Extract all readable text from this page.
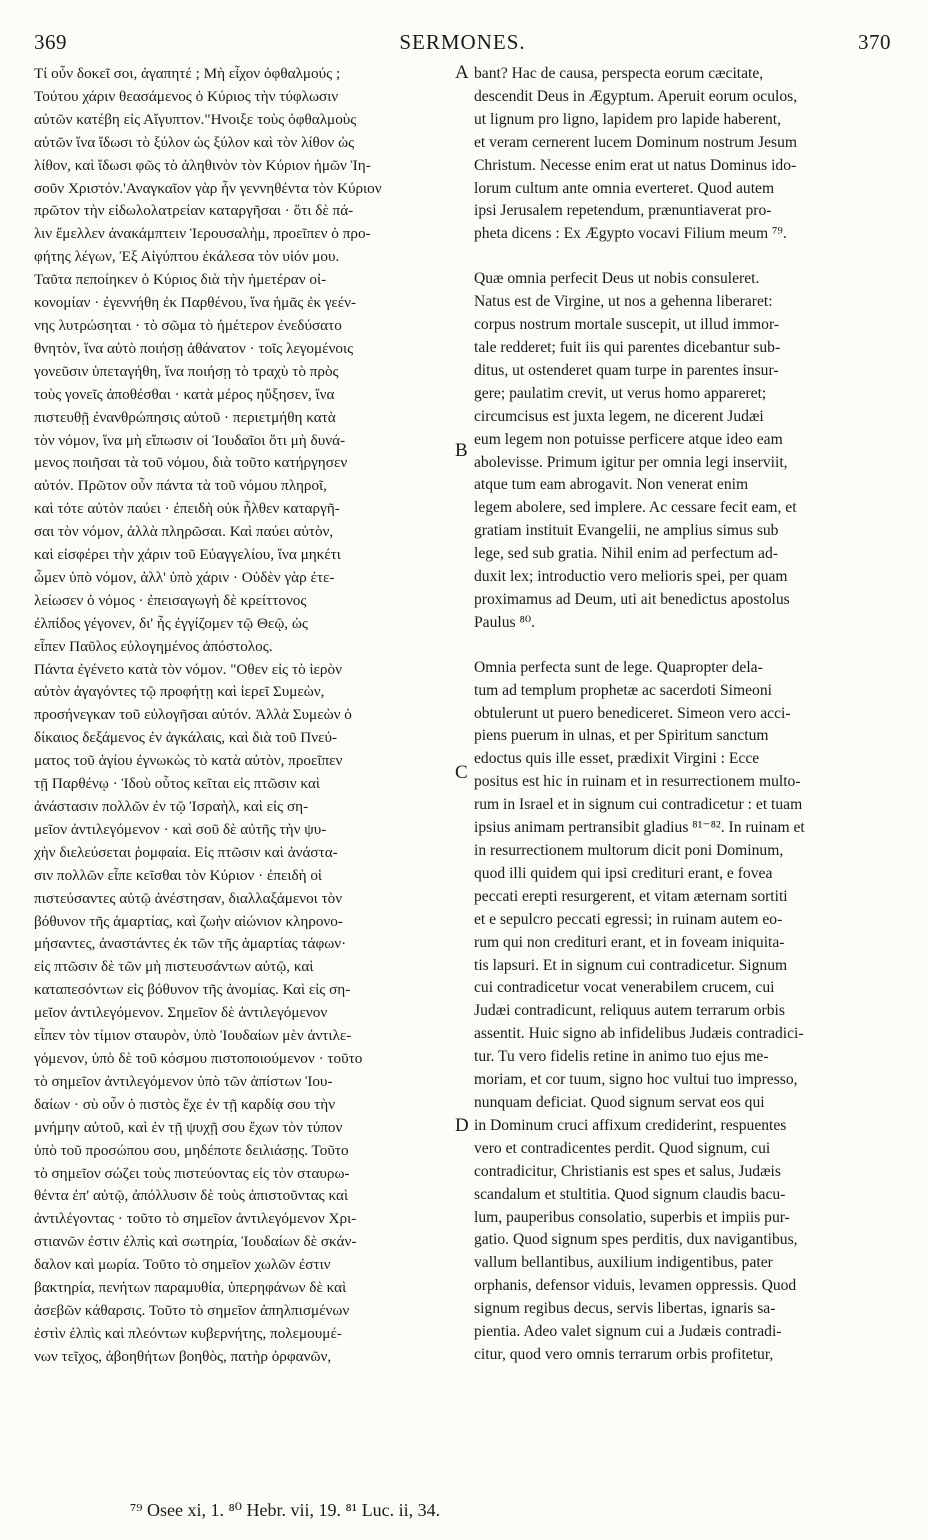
369	SERMONES.	370

Τί οὖν δοκεῖ σοι, ἀγαπητέ ; Μὴ εἶχον ὀφθαλμούς ;

Τούτου χάριν θεασάμενος ὁ Κύριος τὴν τύφλωσιν

αὐτῶν κατέβη εἰς Αἴγυπτον."Ηνοιξε τοὺς ὀφθαλμοὺς

αὐτῶν ἵνα ἴδωσι τὸ ξύλον ὡς ξύλον καὶ τὸν λίθον ὡς

λίθον, καὶ ἴδωσι φῶς τὸ ἀληθινὸν τὸν Κύριον ἡμῶν Ἰη-

σοῦν Χριστόν.'Αναγκαῖον γὰρ ἦν γεννηθέντα τὸν Κύριον

πρῶτον τὴν εἰδωλολατρείαν καταργῆσαι · ὅτι δὲ πά-

λιν ἔμελλεν ἀνακάμπτειν Ἱερουσαλὴμ, προεῖπεν ὁ προ-

φήτης λέγων, Ἐξ Αἰγύπτου ἐκάλεσα τὸν υἱόν μου.

Ταῦτα πεποίηκεν ὁ Κύριος διὰ τὴν ἡμετέραν οἰ-

κονομίαν · ἐγεννήθη ἐκ Παρθένου, ἵνα ἡμᾶς ἐκ γεέν-

νης λυτρώσηται · τὸ σῶμα τὸ ἡμέτερον ἐνεδύσατο

θνητὸν, ἵνα αὐτὸ ποιήσῃ ἀθάνατον · τοῖς λεγομένοις

γονεῦσιν ὑπεταγήθη, ἵνα ποιήσῃ τὸ τραχὺ τὸ πρὸς

τοὺς γονεῖς ἀποθέσθαι · κατὰ μέρος ηὔξησεν, ἵνα

πιστευθῇ ἐνανθρώπησις αὐτοῦ · περιετμήθη κατὰ

τὸν νόμον, ἵνα μὴ εἴπωσιν οἱ Ἰουδαῖοι ὅτι μὴ δυνά-

μενος ποιῆσαι τὰ τοῦ νόμου, διὰ τοῦτο κατήργησεν

αὐτόν. Πρῶτον οὖν πάντα τὰ τοῦ νόμου πληροῖ,

καὶ τότε αὐτὸν παύει · ἐπειδὴ οὐκ ἦλθεν καταργῆ-

σαι τὸν νόμον, ἀλλὰ πληρῶσαι. Καὶ παύει αὐτὸν,

καὶ εἰσφέρει τὴν χάριν τοῦ Εὐαγγελίου, ἵνα μηκέτι

ὦμεν ὑπὸ νόμον, ἀλλ' ὑπὸ χάριν · Οὐδὲν γὰρ ἐτε-

λείωσεν ὁ νόμος · ἐπεισαγωγὴ δὲ κρείττονος

ἐλπίδος γέγονεν, δι' ἧς ἐγγίζομεν τῷ Θεῷ, ὡς

εἶπεν Παῦλος εὐλογημένος ἀπόστολος.

Πάντα ἐγένετο κατὰ τὸν νόμον. "Οθεν εἰς τὸ ἱερὸν

αὐτὸν ἀγαγόντες τῷ προφήτῃ καὶ ἱερεῖ Συμεὼν,

προσήνεγκαν τοῦ εὐλογῆσαι αὐτόν. Ἀλλὰ Συμεὼν ὁ

δίκαιος δεξάμενος ἐν ἀγκάλαις, καὶ διὰ τοῦ Πνεύ-

ματος τοῦ ἁγίου ἐγνωκὼς τὸ κατὰ αὐτὸν, προεῖπεν

τῇ Παρθένῳ · Ἰδοὺ οὗτος κεῖται εἰς πτῶσιν καὶ

ἀνάστασιν πολλῶν ἐν τῷ Ἰσραὴλ, καὶ εἰς ση-

μεῖον ἀντιλεγόμενον · καὶ σοῦ δὲ αὐτῆς τὴν ψυ-

χὴν διελεύσεται ῥομφαία. Εἰς πτῶσιν καὶ ἀνάστα-

σιν πολλῶν εἶπε κεῖσθαι τὸν Κύριον · ἐπειδὴ οἱ

πιστεύσαντες αὐτῷ ἀνέστησαν, διαλλαξάμενοι τὸν

βόθυνον τῆς ἁμαρτίας, καὶ ζωὴν αἰώνιον κληρονο-

μήσαντες, ἀναστάντες ἐκ τῶν τῆς ἁμαρτίας τάφων·

εἰς πτῶσιν δὲ τῶν μὴ πιστευσάντων αὐτῷ, καὶ

καταπεσόντων εἰς βόθυνον τῆς ἀνομίας. Καὶ εἰς ση-

μεῖον ἀντιλεγόμενον. Σημεῖον δὲ ἀντιλεγόμενον

εἶπεν τὸν τίμιον σταυρὸν, ὑπὸ Ἰουδαίων μὲν ἀντιλε-

γόμενον, ὑπὸ δὲ τοῦ κόσμου πιστοποιούμενον · τοῦτο

τὸ σημεῖον ἀντιλεγόμενον ὑπὸ τῶν ἀπίστων Ἰου-

δαίων · σὺ οὖν ὁ πιστὸς ἔχε ἐν τῇ καρδίᾳ σου τὴν

μνήμην αὐτοῦ, καὶ ἐν τῇ ψυχῇ σου ἔχων τὸν τύπον

ὑπὸ τοῦ προσώπου σου, μηδέποτε δειλιάσῃς. Τοῦτο

τὸ σημεῖον σώζει τοὺς πιστεύοντας εἰς τὸν σταυρω-

θέντα ἐπ' αὐτῷ, ἀπόλλυσιν δὲ τοὺς ἀπιστοῦντας καὶ

ἀντιλέγοντας · τοῦτο τὸ σημεῖον ἀντιλεγόμενον Χρι-

στιανῶν ἐστιν ἐλπὶς καὶ σωτηρία, Ἰουδαίων δὲ σκάν-

δαλον καὶ μωρία. Τοῦτο τὸ σημεῖον χωλῶν ἐστιν

βακτηρία, πενήτων παραμυθία, ὑπερηφάνων δὲ καὶ

ἀσεβῶν κάθαρσις. Τοῦτο τὸ σημεῖον ἀπηλπισμένων

ἐστὶν ἐλπὶς καὶ πλεόντων κυβερνήτης, πολεμουμέ-

νων τεῖχος, ἀβοηθήτων βοηθὸς, πατὴρ ὀρφανῶν,

A
B
C
D

bant? Hac de causa, perspecta eorum cæcitate,

descendit Deus in Ægyptum. Aperuit eorum oculos,

ut lignum pro ligno, lapidem pro lapide haberent,

et veram cernerent lucem Dominum nostrum Jesum

Christum. Necesse enim erat ut natus Dominus ido-

lorum cultum ante omnia everteret. Quod autem

ipsi Jerusalem repetendum, prænuntiaverat pro-

pheta dicens : Ex Ægypto vocavi Filium meum ⁷⁹.

Quæ omnia perfecit Deus ut nobis consuleret.

Natus est de Virgine, ut nos a gehenna liberaret:

corpus nostrum mortale suscepit, ut illud immor-

tale redderet; fuit iis qui parentes dicebantur sub-

ditus, ut ostenderet quam turpe in parentes insur-

gere; paulatim crevit, ut verus homo appareret;

circumcisus est juxta legem, ne dicerent Judæi

eum legem non potuisse perficere atque ideo eam

abolevisse. Primum igitur per omnia legi inserviit,

atque tum eam abrogavit. Non venerat enim

legem abolere, sed implere. Ac cessare fecit eam, et

gratiam instituit Evangelii, ne amplius simus sub

lege, sed sub gratia. Nihil enim ad perfectum ad-

duxit lex; introductio vero melioris spei, per quam

proximamus ad Deum, uti ait benedictus apostolus

Paulus ⁸⁰.

Omnia perfecta sunt de lege. Quapropter dela-

tum ad templum prophetæ ac sacerdoti Simeoni

obtulerunt ut puero benediceret. Simeon vero acci-

piens puerum in ulnas, et per Spiritum sanctum

edoctus quis ille esset, prædixit Virgini : Ecce

positus est hic in ruinam et in resurrectionem multo-

rum in Israel et in signum cui contradicetur : et tuam

ipsius animam pertransibit gladius ⁸¹⁻⁸². In ruinam et

in resurrectionem multorum dicit poni Dominum,

quod illi quidem qui ipsi credituri erant, e fovea

peccati erepti resurgerent, et vitam æternam sortiti

et e sepulcro peccati egressi; in ruinam autem eo-

rum qui non credituri erant, et in foveam iniquita-

tis lapsuri. Et in signum cui contradicetur. Signum

cui contradicetur vocat venerabilem crucem, cui

Judæi contradicunt, reliquus autem terrarum orbis

assentit. Huic signo ab infidelibus Judæis contradici-

tur. Tu vero fidelis retine in animo tuo ejus me-

moriam, et cor tuum, signo hoc vultui tuo impresso,

nunquam deficiat. Quod signum servat eos qui

in Dominum cruci affixum crediderint, respuentes

vero et contradicentes perdit. Quod signum, cui

contradicitur, Christianis est spes et salus, Judæis

scandalum et stultitia. Quod signum claudis bacu-

lum, pauperibus consolatio, superbis et impiis pur-

gatio. Quod signum spes perditis, dux navigantibus,

vallum bellantibus, auxilium indigentibus, pater

orphanis, defensor viduis, levamen oppressis. Quod

signum regibus decus, servis libertas, ignaris sa-

pientia. Adeo valet signum cui a Judæis contradi-

citur, quod vero omnis terrarum orbis profitetur,

⁷⁹ Osee xi, 1. ⁸⁰ Hebr. vii, 19. ⁸¹ Luc. ii, 34.
